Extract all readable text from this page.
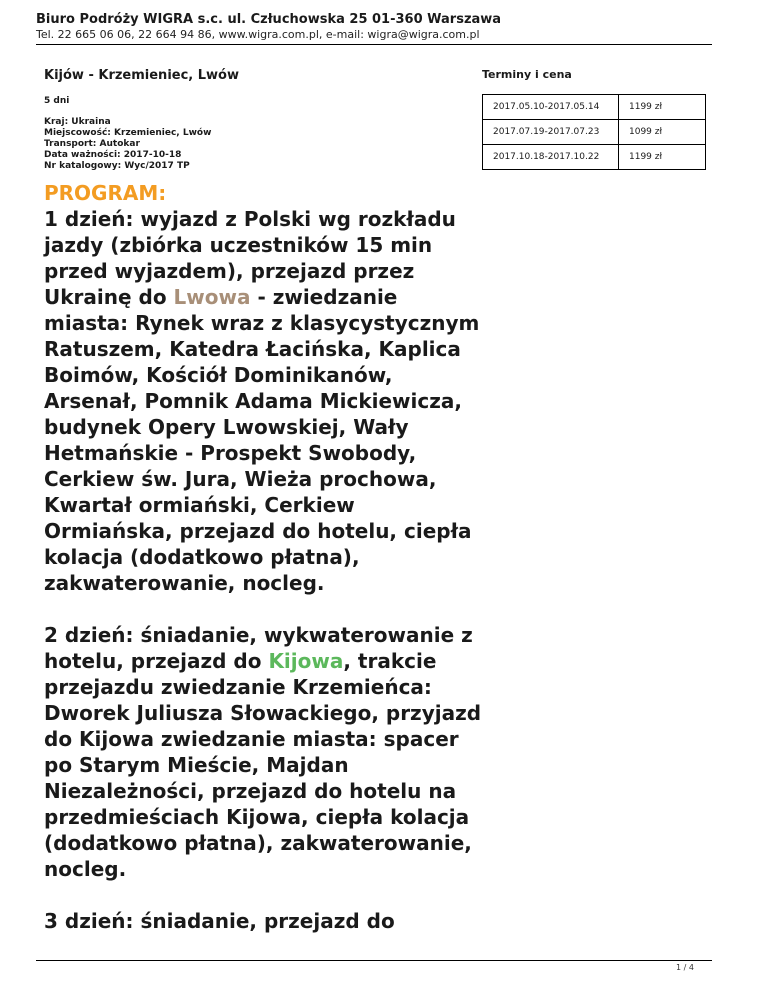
Biuro Podróży WIGRA s.c. ul. Człuchowska 25 01-360 Warszawa
Tel. 22 665 06 06, 22 664 94 86, www.wigra.com.pl, e-mail: wigra@wigra.com.pl
Kijów - Krzemieniec, Lwów
5 dni
Kraj: Ukraina
Miejscowość: Krzemieniec, Lwów
Transport: Autokar
Data ważności: 2017-10-18
Nr katalogowy: Wyc/2017 TP
Terminy i cena
2017.05.10-2017.05.14	1199 zł
2017.07.19-2017.07.23	1099 zł
2017.10.18-2017.10.22	1199 zł
PROGRAM:

1 dzień: wyjazd z Polski wg rozkładu jazdy (zbiórka uczestników 15 min przed wyjazdem), przejazd przez Ukrainę do Lwowa - zwiedzanie miasta: Rynek wraz z klasycystycznym Ratuszem, Katedra Łacińska, Kaplica Boimów, Kościół Dominikanów, Arsenał, Pomnik Adama Mickiewicza, budynek Opery Lwowskiej, Wały Hetmańskie - Prospekt Swobody, Cerkiew św. Jura, Wieża prochowa, Kwartał ormiański, Cerkiew Ormiańska, przejazd do hotelu, ciepła kolacja (dodatkowo płatna), zakwaterowanie, nocleg.

2 dzień: śniadanie, wykwaterowanie z hotelu, przejazd do Kijowa, trakcie przejazdu zwiedzanie Krzemieńca: Dworek Juliusza Słowackiego, przyjazd do Kijowa zwiedzanie miasta: spacer po Starym Mieście, Majdan Niezależności, przejazd do hotelu na przedmieściach Kijowa, ciepła kolacja (dodatkowo płatna), zakwaterowanie, nocleg.

3 dzień: śniadanie, przejazd do

1 / 4
